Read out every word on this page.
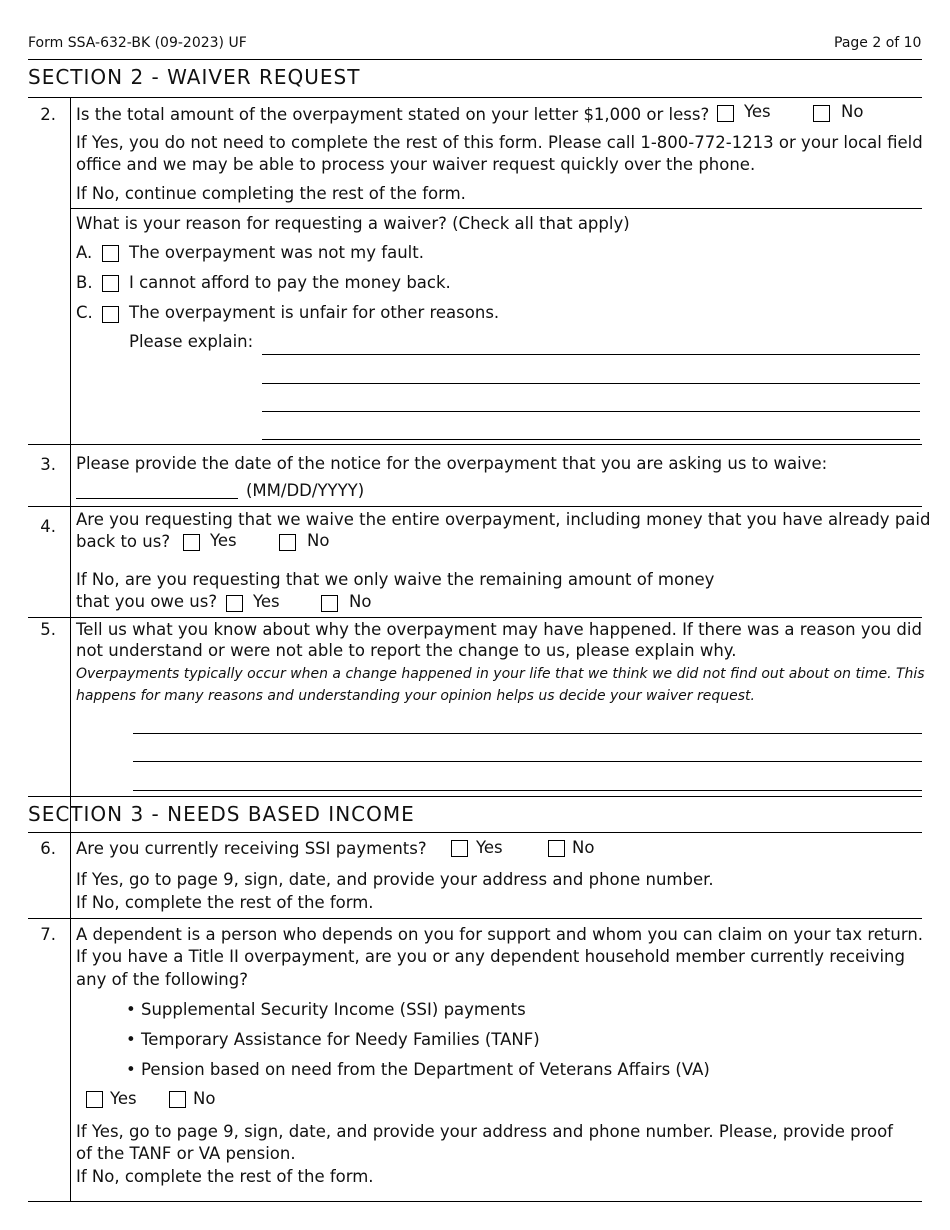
Form SSA-632-BK (09-2023) UF	Page 2 of 10
SECTION 2 - WAIVER REQUEST
2. Is the total amount of the overpayment stated on your letter $1,000 or less? Yes	No
If Yes, you do not need to complete the rest of this form. Please call 1-800-772-1213 or your local field
office and we may be able to process your waiver request quickly over the phone.
If No, continue completing the rest of the form.
What is your reason for requesting a waiver? (Check all that apply)
A. The overpayment was not my fault.
B. I cannot afford to pay the money back.
C. The overpayment is unfair for other reasons.
Please explain:
3. Please provide the date of the notice for the overpayment that you are asking us to waive:
(MM/DD/YYYY)
4. Are you requesting that we waive the entire overpayment, including money that you have already paid
back to us? Yes	No
If No, are you requesting that we only waive the remaining amount of money
that you owe us? Yes	No
5. Tell us what you know about why the overpayment may have happened. If there was a reason you did
not understand or were not able to report the change to us, please explain why.
Overpayments typically occur when a change happened in your life that we think we did not find out about on time. This
happens for many reasons and understanding your opinion helps us decide your waiver request.
SECTION 3 - NEEDS BASED INCOME
6. Are you currently receiving SSI payments?	Yes	No
If Yes, go to page 9, sign, date, and provide your address and phone number.
If No, complete the rest of the form.
7. A dependent is a person who depends on you for support and whom you can claim on your tax return.
If you have a Title II overpayment, are you or any dependent household member currently receiving
any of the following?
• Supplemental Security Income (SSI) payments
• Temporary Assistance for Needy Families (TANF)
• Pension based on need from the Department of Veterans Affairs (VA)
Yes	No
If Yes, go to page 9, sign, date, and provide your address and phone number. Please, provide proof
of the TANF or VA pension.
If No, complete the rest of the form.
